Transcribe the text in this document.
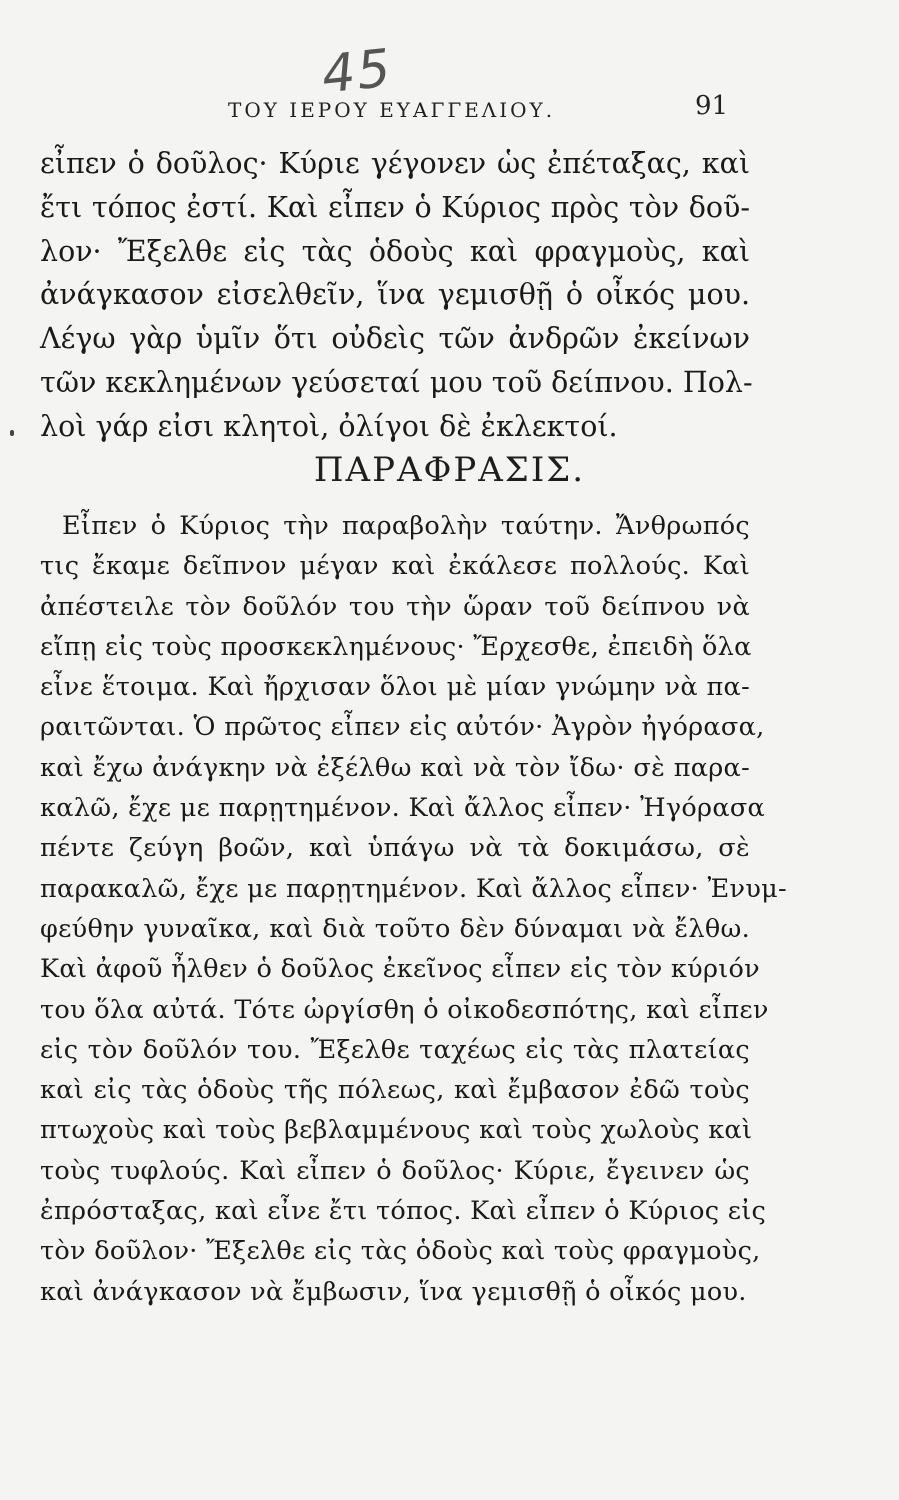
45
ΤΟΥ ΙΕΡΟΥ ΕΥΑΓΓΕΛΙΟΥ.	91
εἶπεν ὁ δοῦλος· Κύριε γέγονεν ὡς ἐπέταξας, καὶ
ἔτι τόπος ἐστί. Καὶ εἶπεν ὁ Κύριος πρὸς τὸν δοῦ-
λον· Ἔξελθε εἰς τὰς ὁδοὺς καὶ φραγμοὺς, καὶ
ἀνάγκασον εἰσελθεῖν, ἵνα γεμισθῇ ὁ οἶκός μου.
Λέγω γὰρ ὑμῖν ὅτι οὐδεὶς τῶν ἀνδρῶν ἐκείνων
τῶν κεκλημένων γεύσεταί μου τοῦ δείπνου. Πολ-
λοὶ γάρ εἰσι κλητοὶ, ὀλίγοι δὲ ἐκλεκτοί.
ΠΑΡΑΦΡΑΣΙΣ.
Εἶπεν ὁ Κύριος τὴν παραβολὴν ταύτην. Ἄνθρωπός
τις ἔκαμε δεῖπνον μέγαν καὶ ἐκάλεσε πολλούς. Καὶ
ἀπέστειλε τὸν δοῦλόν του τὴν ὥραν τοῦ δείπνου νὰ
εἴπῃ εἰς τοὺς προσκεκλημένους· Ἔρχεσθε, ἐπειδὴ ὅλα
εἶνε ἕτοιμα. Καὶ ἤρχισαν ὅλοι μὲ μίαν γνώμην νὰ πα-
ραιτῶνται. Ὁ πρῶτος εἶπεν εἰς αὐτόν· Ἀγρὸν ἠγόρασα,
καὶ ἔχω ἀνάγκην νὰ ἐξέλθω καὶ νὰ τὸν ἴδω· σὲ παρα-
καλῶ, ἔχε με παρῃτημένον. Καὶ ἄλλος εἶπεν· Ἠγόρασα
πέντε ζεύγη βοῶν, καὶ ὑπάγω νὰ τὰ δοκιμάσω, σὲ
παρακαλῶ, ἔχε με παρῃτημένον. Καὶ ἄλλος εἶπεν· Ἐνυμ-
φεύθην γυναῖκα, καὶ διὰ τοῦτο δὲν δύναμαι νὰ ἔλθω.
Καὶ ἀφοῦ ἦλθεν ὁ δοῦλος ἐκεῖνος εἶπεν εἰς τὸν κύριόν
του ὅλα αὐτά. Τότε ὠργίσθη ὁ οἰκοδεσπότης, καὶ εἶπεν
εἰς τὸν δοῦλόν του. Ἔξελθε ταχέως εἰς τὰς πλατείας
καὶ εἰς τὰς ὁδοὺς τῆς πόλεως, καὶ ἔμβασον ἐδῶ τοὺς
πτωχοὺς καὶ τοὺς βεβλαμμένους καὶ τοὺς χωλοὺς καὶ
τοὺς τυφλούς. Καὶ εἶπεν ὁ δοῦλος· Κύριε, ἔγεινεν ὡς
ἐπρόσταξας, καὶ εἶνε ἔτι τόπος. Καὶ εἶπεν ὁ Κύριος εἰς
τὸν δοῦλον· Ἔξελθε εἰς τὰς ὁδοὺς καὶ τοὺς φραγμοὺς,
καὶ ἀνάγκασον νὰ ἔμβωσιν, ἵνα γεμισθῇ ὁ οἶκός μου.
